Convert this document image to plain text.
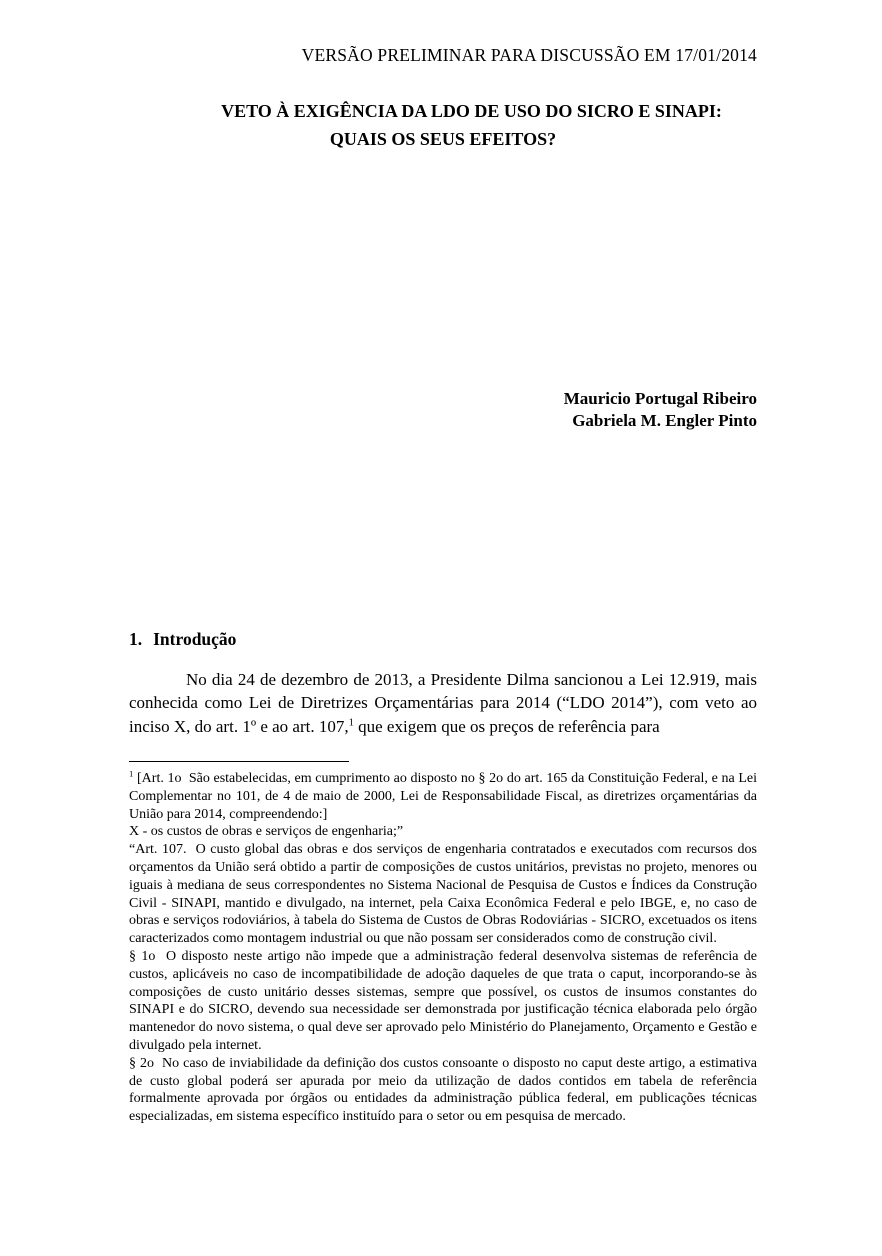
VERSÃO PRELIMINAR PARA DISCUSSÃO EM 17/01/2014
VETO À EXIGÊNCIA DA LDO DE USO DO SICRO E SINAPI:
QUAIS OS SEUS EFEITOS?
Mauricio Portugal Ribeiro
Gabriela M. Engler Pinto
1. Introdução

No dia 24 de dezembro de 2013, a Presidente Dilma sancionou a Lei 12.919, mais conhecida como Lei de Diretrizes Orçamentárias para 2014 (“LDO 2014”), com veto ao inciso X, do art. 1º e ao art. 107,$^1$ que exigem que os preços de referência para

$^1$ [Art. 1o  São estabelecidas, em cumprimento ao disposto no § 2o do art. 165 da Constituição Federal, e na Lei Complementar no 101, de 4 de maio de 2000, Lei de Responsabilidade Fiscal, as diretrizes orçamentárias da União para 2014, compreendendo:]

X - os custos de obras e serviços de engenharia;”

“Art. 107.  O custo global das obras e dos serviços de engenharia contratados e executados com recursos dos orçamentos da União será obtido a partir de composições de custos unitários, previstas no projeto, menores ou iguais à mediana de seus correspondentes no Sistema Nacional de Pesquisa de Custos e Índices da Construção Civil - SINAPI, mantido e divulgado, na internet, pela Caixa Econômica Federal e pelo IBGE, e, no caso de obras e serviços rodoviários, à tabela do Sistema de Custos de Obras Rodoviárias - SICRO, excetuados os itens caracterizados como montagem industrial ou que não possam ser considerados como de construção civil.

§ 1o  O disposto neste artigo não impede que a administração federal desenvolva sistemas de referência de custos, aplicáveis no caso de incompatibilidade de adoção daqueles de que trata o caput, incorporando-se às composições de custo unitário desses sistemas, sempre que possível, os custos de insumos constantes do SINAPI e do SICRO, devendo sua necessidade ser demonstrada por justificação técnica elaborada pelo órgão mantenedor do novo sistema, o qual deve ser aprovado pelo Ministério do Planejamento, Orçamento e Gestão e divulgado pela internet.

§ 2o  No caso de inviabilidade da definição dos custos consoante o disposto no caput deste artigo, a estimativa de custo global poderá ser apurada por meio da utilização de dados contidos em tabela de referência formalmente aprovada por órgãos ou entidades da administração pública federal, em publicações técnicas especializadas, em sistema específico instituído para o setor ou em pesquisa de mercado.
